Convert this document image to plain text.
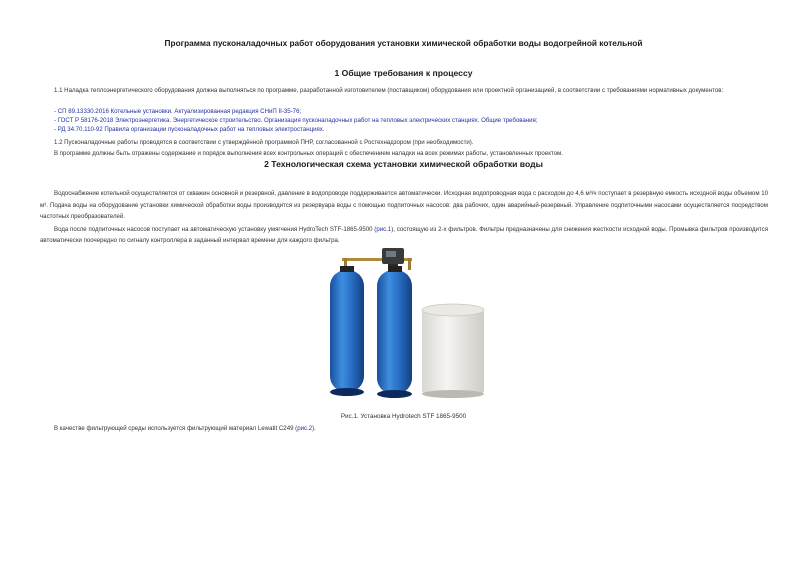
Программа пусконаладочных работ оборудования установки химической обработки воды водогрейной котельной
1 Общие требования к процессу
1.1 Наладка теплоэнергетического оборудования должна выполняться по программе, разработанной изготовителем (поставщиком) оборудования или проектной организацией, в соответствии с требованиями нормативных документов:
- СП 89.13330.2016 Котельные установки. Актуализированная редакция СНиП II-35-76;
- ГОСТ Р 58176-2018 Электроэнергетика. Энергетическое строительство. Организация пусконаладочных работ на тепловых электрических станциях. Общие требования;
- РД 34.70.110-92 Правила организации пусконаладочных работ на тепловых электростанциях.
1.2 Пусконаладочные работы проводятся в соответствии с утверждённой программой ПНР, согласованной с Ростехнадзором (при необходимости).
В программе должны быть отражены содержание и порядок выполнения всех контрольных операций с обеспечением наладки на всех режимах работы, установленных проектом.
2 Технологическая схема установки химической обработки воды
Водоснабжение котельной осуществляется от скважин основной и резервной, давление в водопроводе поддерживается автоматически. Исходная водопроводная вода с расходом до 4,6 м³/ч поступает в резервную емкость исходной воды объемом 10 м³. Подача воды на оборудование установки химической обработки воды производится из резервуара воды с помощью подпиточных насосов: два рабочих, один аварийный-резервный. Управление подпиточными насосами осуществляется посредством частотных преобразователей.
Вода после подпиточных насосов поступает на автоматическую установку умягчения HydroTech STF-1865-9500 (рис.1), состоящую из 2-х фильтров. Фильтры предназначены для снижения жесткости исходной воды. Промывка фильтров производится автоматически поочередно по сигналу контроллера в заданный интервал времени для каждого фильтра.
Рис.1. Установка Hydrotech STF 1865-9500
В качестве фильтрующей среды используется фильтрующий материал Lewatit C249 (рис.2).
